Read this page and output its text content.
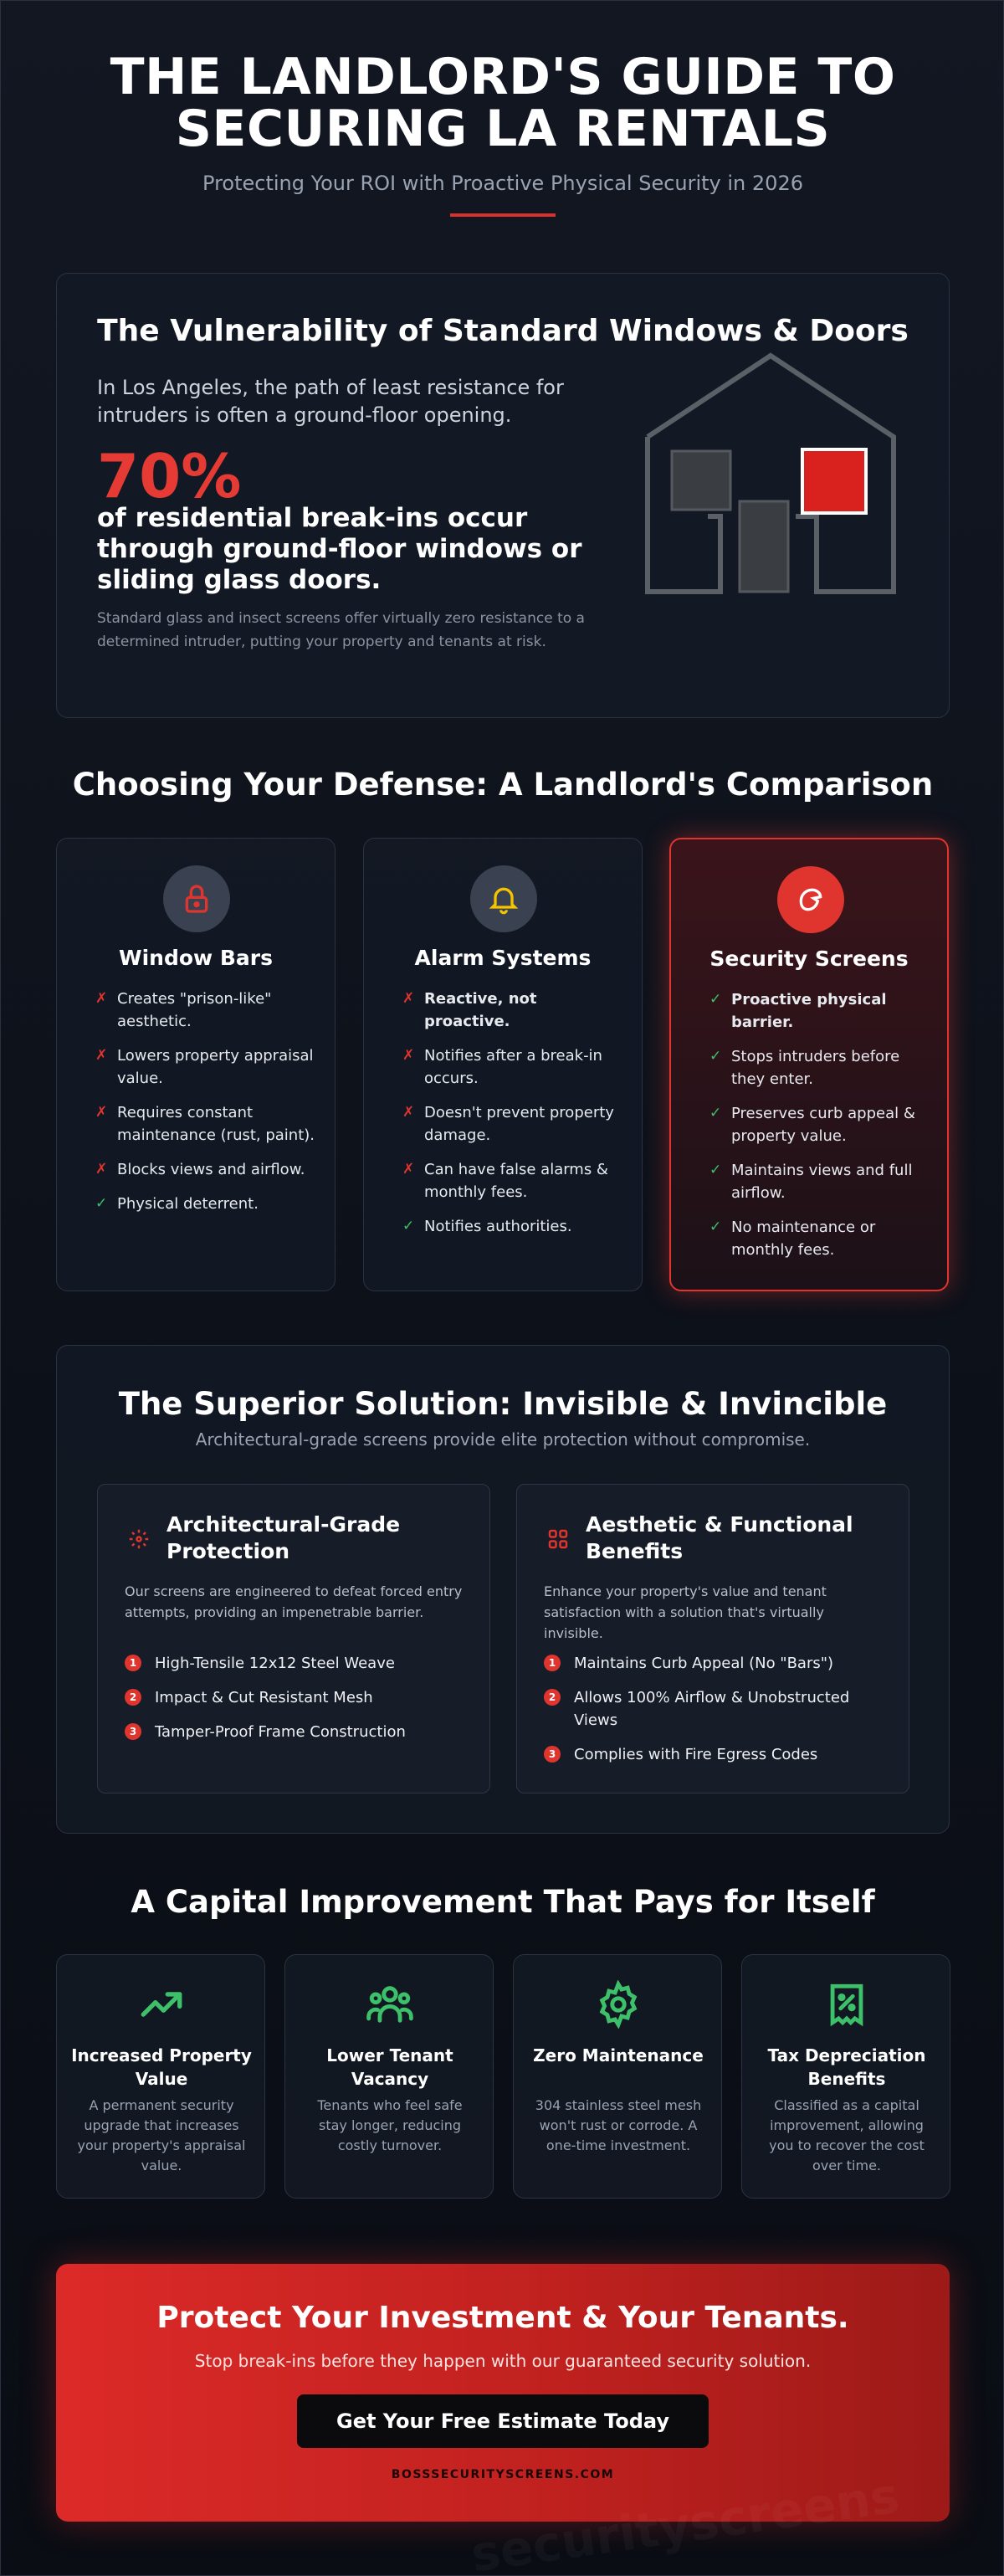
THE LANDLORD'S GUIDE TO
SECURING LA RENTALS
Protecting Your ROI with Proactive Physical Security in 2026
The Vulnerability of Standard Windows & Doors
In Los Angeles, the path of least resistance for intruders is often a ground-floor opening.
70%
of residential break-ins occur through ground-floor windows or sliding glass doors.
Standard glass and insect screens offer virtually zero resistance to a determined intruder, putting your property and tenants at risk.
Choosing Your Defense: A Landlord's Comparison
Window Bars
✗ Creates "prison-like" aesthetic.
✗ Lowers property appraisal value.
✗ Requires constant maintenance (rust, paint).
✗ Blocks views and airflow.
✓ Physical deterrent.
Alarm Systems
✗ Reactive, not proactive.
✗ Notifies after a break-in occurs.
✗ Doesn't prevent property damage.
✗ Can have false alarms & monthly fees.
✓ Notifies authorities.
Security Screens
✓ Proactive physical barrier.
✓ Stops intruders before they enter.
✓ Preserves curb appeal & property value.
✓ Maintains views and full airflow.
✓ No maintenance or monthly fees.
The Superior Solution: Invisible & Invincible
Architectural-grade screens provide elite protection without compromise.
Architectural-Grade Protection
Our screens are engineered to defeat forced entry attempts, providing an impenetrable barrier.
1	High-Tensile 12x12 Steel Weave
2	Impact & Cut Resistant Mesh
3	Tamper-Proof Frame Construction
Aesthetic & Functional Benefits
Enhance your property's value and tenant satisfaction with a solution that's virtually invisible.
1	Maintains Curb Appeal (No "Bars")
2	Allows 100% Airflow & Unobstructed Views
3	Complies with Fire Egress Codes
A Capital Improvement That Pays for Itself
Increased Property Value
A permanent security upgrade that increases your property's appraisal value.
Lower Tenant Vacancy
Tenants who feel safe stay longer, reducing costly turnover.
Zero Maintenance
304 stainless steel mesh won't rust or corrode. A one-time investment.
Tax Depreciation Benefits
Classified as a capital improvement, allowing you to recover the cost over time.
Protect Your Investment & Your Tenants.
Stop break-ins before they happen with our guaranteed security solution.
Get Your Free Estimate Today
BOSSSECURITYSCREENS.COM
